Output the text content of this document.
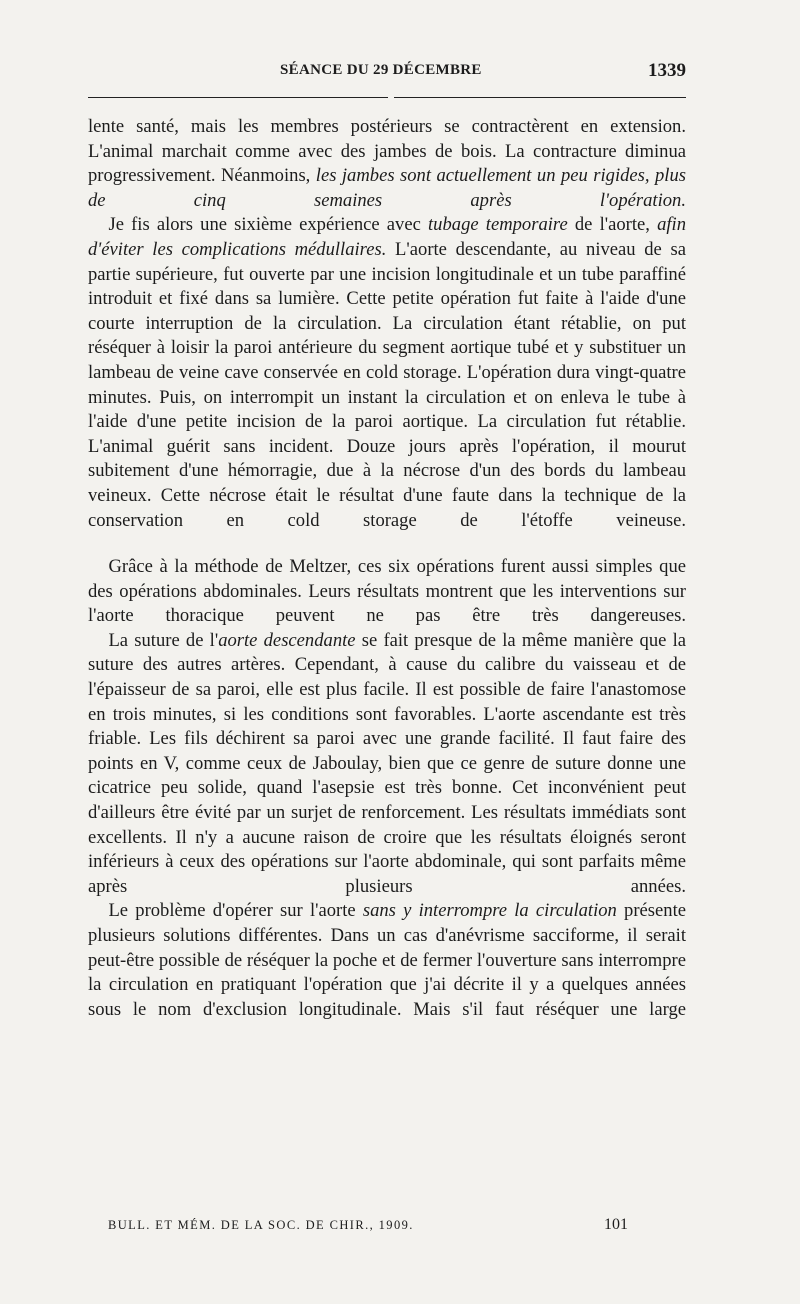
SÉANCE DU 29 DÉCEMBRE	1339

lente santé, mais les membres postérieurs se contractèrent en extension. L'animal marchait comme avec des jambes de bois. La contracture diminua progressivement. Néanmoins, les jambes sont actuellement un peu rigides, plus de cinq semaines après l'opération.

Je fis alors une sixième expérience avec tubage temporaire de l'aorte, afin d'éviter les complications médullaires. L'aorte descendante, au niveau de sa partie supérieure, fut ouverte par une incision longitudinale et un tube paraffiné introduit et fixé dans sa lumière. Cette petite opération fut faite à l'aide d'une courte interruption de la circulation. La circulation étant rétablie, on put réséquer à loisir la paroi antérieure du segment aortique tubé et y substituer un lambeau de veine cave conservée en cold storage. L'opération dura vingt-quatre minutes. Puis, on interrompit un instant la circulation et on enleva le tube à l'aide d'une petite incision de la paroi aortique. La circulation fut rétablie. L'animal guérit sans incident. Douze jours après l'opération, il mourut subitement d'une hémorragie, due à la nécrose d'un des bords du lambeau veineux. Cette nécrose était le résultat d'une faute dans la technique de la conservation en cold storage de l'étoffe veineuse.

Grâce à la méthode de Meltzer, ces six opérations furent aussi simples que des opérations abdominales. Leurs résultats montrent que les interventions sur l'aorte thoracique peuvent ne pas être très dangereuses.

La suture de l'aorte descendante se fait presque de la même manière que la suture des autres artères. Cependant, à cause du calibre du vaisseau et de l'épaisseur de sa paroi, elle est plus facile. Il est possible de faire l'anastomose en trois minutes, si les conditions sont favorables. L'aorte ascendante est très friable. Les fils déchirent sa paroi avec une grande facilité. Il faut faire des points en V, comme ceux de Jaboulay, bien que ce genre de suture donne une cicatrice peu solide, quand l'asepsie est très bonne. Cet inconvénient peut d'ailleurs être évité par un surjet de renforcement. Les résultats immédiats sont excellents. Il n'y a aucune raison de croire que les résultats éloignés seront inférieurs à ceux des opérations sur l'aorte abdominale, qui sont parfaits même après plusieurs années.

Le problème d'opérer sur l'aorte sans y interrompre la circulation présente plusieurs solutions différentes. Dans un cas d'anévrisme sacciforme, il serait peut-être possible de réséquer la poche et de fermer l'ouverture sans interrompre la circulation en pratiquant l'opération que j'ai décrite il y a quelques années sous le nom d'exclusion longitudinale. Mais s'il faut réséquer une large

BULL. ET MÉM. DE LA SOC. DE CHIR., 1909.	101
